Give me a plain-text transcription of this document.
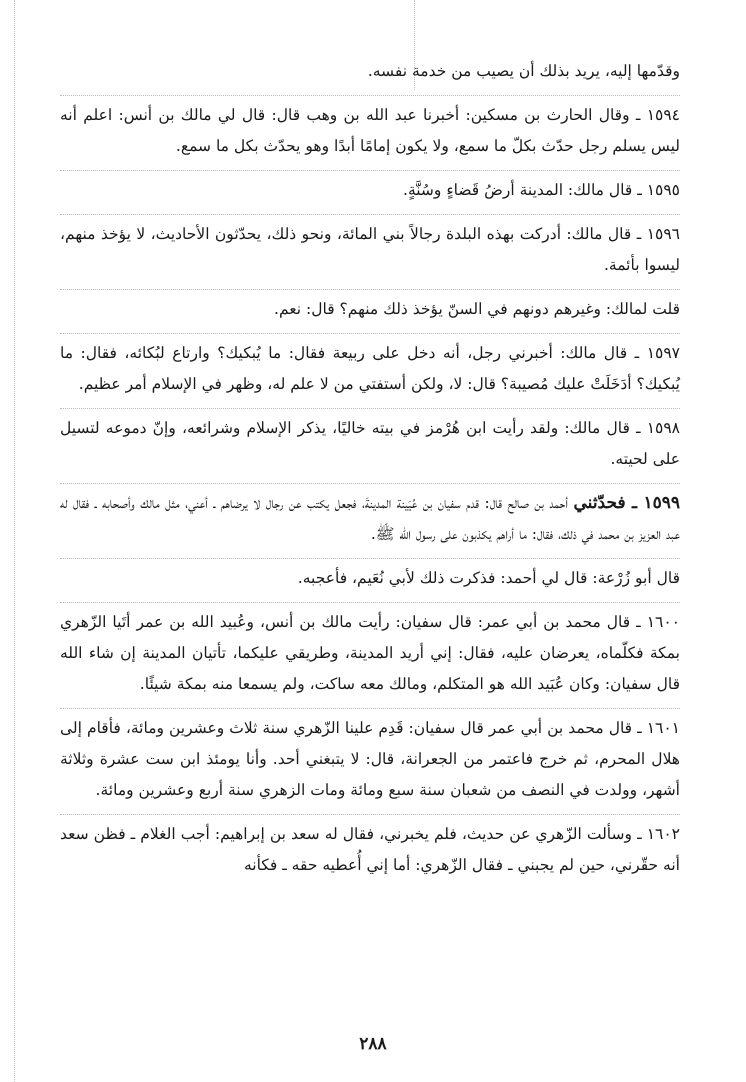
وقدّمها إليه، يريد بذلك أن يصيب من خدمة نفسه.

١٥٩٤ ـ وقال الحارث بن مسكين: أخبرنا عبد الله بن وهب قال: قال لي مالك بن أنس: اعلم أنه ليس يسلم رجل حدّث بكلّ ما سمع، ولا يكون إمامًا أبدًا وهو يحدّث بكل ما سمع.

١٥٩٥ ـ قال مالك: المدينة أرضُ قَضاءٍ وسُنَّةٍ.

١٥٩٦ ـ قال مالك: أدركت بهذه البلدة رجالاً بني المائة، ونحو ذلك، يحدّثون الأحاديث، لا يؤخذ منهم، ليسوا بأئمة.

قلت لمالك: وغيرهم دونهم في السنّ يؤخذ ذلك منهم؟ قال: نعم.

١٥٩٧ ـ قال مالك: أخبرني رجل، أنه دخل على ربيعة فقال: ما يُبكيك؟ وارتاع لبُكائه، فقال: ما يُبكيك؟ أدَخَلَتْ عليك مُصيبة؟ قال: لا، ولكن أستفتي من لا علم له، وظهر في الإسلام أمر عظيم.

١٥٩٨ ـ قال مالك: ولقد رأيت ابن هُرْمز في بيته خاليًا، يذكر الإسلام وشرائعه، وإنّ دموعه لتسيل على لحيته.

١٥٩٩ ـ فحدّثني أحمد بن صالح قال: قدم سفيان بن عُيَينة المدينةَ، فجعل يكتب عن رجال لا يرضاهم ـ أعني، مثل مالك وأصحابه ـ فقال له عبد العزيز بن محمد في ذلك، فقال: ما أراهم يكذبون على رسول الله ﷺ.

قال أبو زُرْعة: قال لي أحمد: فذكرت ذلك لأبي نُعَيم، فأعجبه.

١٦٠٠ ـ قال محمد بن أبي عمر: قال سفيان: رأيت مالك بن أنس، وعُبيد الله بن عمر أتَيا الزّهري بمكة فكلّماه، يعرضان عليه، فقال: إني أريد المدينة، وطريقي عليكما، تأتيان المدينة إن شاء الله قال سفيان: وكان عُبَيد الله هو المتكلم، ومالك معه ساكت، ولم يسمعا منه بمكة شيئًا.

١٦٠١ ـ قال محمد بن أبي عمر قال سفيان: قَدِم علينا الزّهري سنة ثلاث وعشرين ومائة، فأقام إلى هلال المحرم، ثم خرج فاعتمر من الجعرانة، قال: لا يتبغني أحد. وأنا يومئذ ابن ست عشرة وثلاثة أشهر، وولدت في النصف من شعبان سنة سبع ومائة ومات الزهري سنة أربع وعشرين ومائة.

١٦٠٢ ـ وسألت الزّهري عن حديث، فلم يخبرني، فقال له سعد بن إبراهيم: أجب الغلام ـ فظن سعد أنه حقّرني، حين لم يجبني ـ فقال الزّهري: أما إني أُعطيه حقه ـ فكأنه

٢٨٨
